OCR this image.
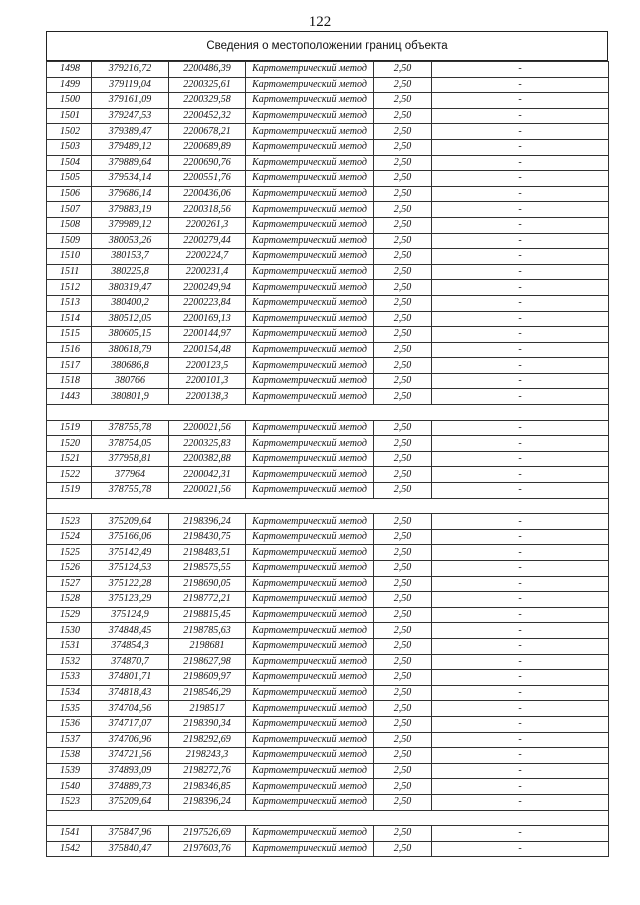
122
Сведения о местоположении границ объекта
1498	379216,72	2200486,39	Картометрический метод	2,50	-
1499	379119,04	2200325,61	Картометрический метод	2,50	-
1500	379161,09	2200329,58	Картометрический метод	2,50	-
1501	379247,53	2200452,32	Картометрический метод	2,50	-
1502	379389,47	2200678,21	Картометрический метод	2,50	-
1503	379489,12	2200689,89	Картометрический метод	2,50	-
1504	379889,64	2200690,76	Картометрический метод	2,50	-
1505	379534,14	2200551,76	Картометрический метод	2,50	-
1506	379686,14	2200436,06	Картометрический метод	2,50	-
1507	379883,19	2200318,56	Картометрический метод	2,50	-
1508	379989,12	2200261,3	Картометрический метод	2,50	-
1509	380053,26	2200279,44	Картометрический метод	2,50	-
1510	380153,7	2200224,7	Картометрический метод	2,50	-
1511	380225,8	2200231,4	Картометрический метод	2,50	-
1512	380319,47	2200249,94	Картометрический метод	2,50	-
1513	380400,2	2200223,84	Картометрический метод	2,50	-
1514	380512,05	2200169,13	Картометрический метод	2,50	-
1515	380605,15	2200144,97	Картометрический метод	2,50	-
1516	380618,79	2200154,48	Картометрический метод	2,50	-
1517	380686,8	2200123,5	Картометрический метод	2,50	-
1518	380766	2200101,3	Картометрический метод	2,50	-
1443	380801,9	2200138,3	Картометрический метод	2,50	-

1519	378755,78	2200021,56	Картометрический метод	2,50	-
1520	378754,05	2200325,83	Картометрический метод	2,50	-
1521	377958,81	2200382,88	Картометрический метод	2,50	-
1522	377964	2200042,31	Картометрический метод	2,50	-
1519	378755,78	2200021,56	Картометрический метод	2,50	-

1523	375209,64	2198396,24	Картометрический метод	2,50	-
1524	375166,06	2198430,75	Картометрический метод	2,50	-
1525	375142,49	2198483,51	Картометрический метод	2,50	-
1526	375124,53	2198575,55	Картометрический метод	2,50	-
1527	375122,28	2198690,05	Картометрический метод	2,50	-
1528	375123,29	2198772,21	Картометрический метод	2,50	-
1529	375124,9	2198815,45	Картометрический метод	2,50	-
1530	374848,45	2198785,63	Картометрический метод	2,50	-
1531	374854,3	2198681	Картометрический метод	2,50	-
1532	374870,7	2198627,98	Картометрический метод	2,50	-
1533	374801,71	2198609,97	Картометрический метод	2,50	-
1534	374818,43	2198546,29	Картометрический метод	2,50	-
1535	374704,56	2198517	Картометрический метод	2,50	-
1536	374717,07	2198390,34	Картометрический метод	2,50	-
1537	374706,96	2198292,69	Картометрический метод	2,50	-
1538	374721,56	2198243,3	Картометрический метод	2,50	-
1539	374893,09	2198272,76	Картометрический метод	2,50	-
1540	374889,73	2198346,85	Картометрический метод	2,50	-
1523	375209,64	2198396,24	Картометрический метод	2,50	-

1541	375847,96	2197526,69	Картометрический метод	2,50	-
1542	375840,47	2197603,76	Картометрический метод	2,50	-
